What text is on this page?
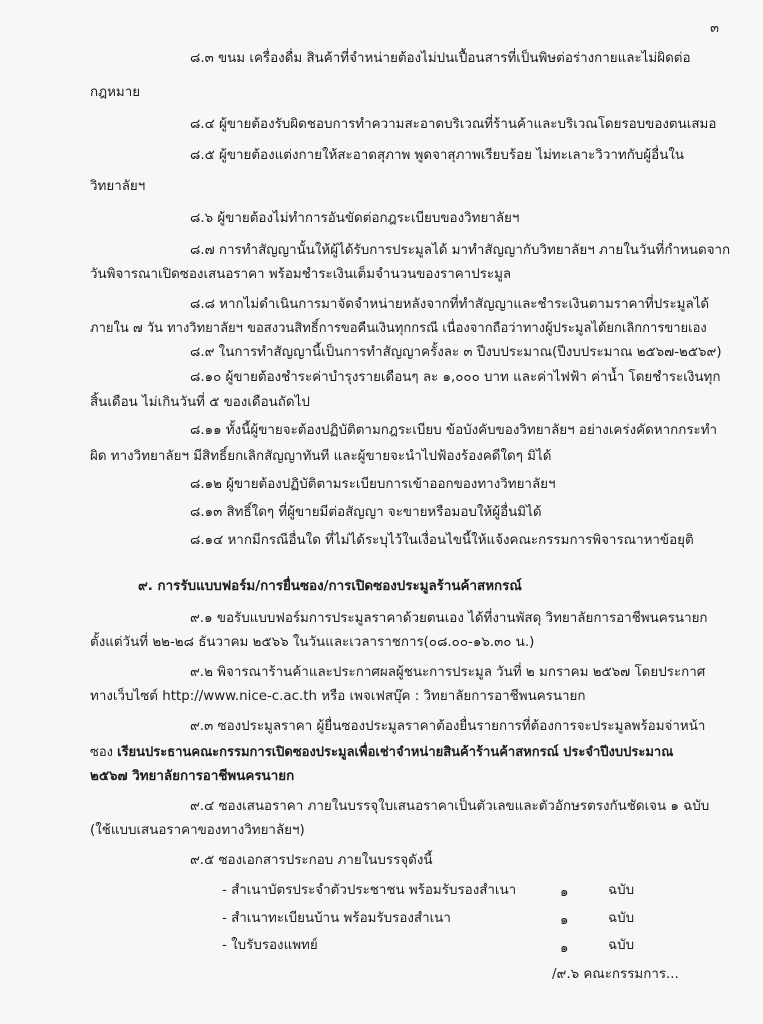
๓
๘.๓ ขนม เครื่องดื่ม สินค้าที่จำหน่ายต้องไม่ปนเปื้อนสารที่เป็นพิษต่อร่างกายและไม่ผิดต่อ
กฎหมาย
๘.๔ ผู้ขายต้องรับผิดชอบการทำความสะอาดบริเวณที่ร้านค้าและบริเวณโดยรอบของตนเสมอ
๘.๕ ผู้ขายต้องแต่งกายให้สะอาดสุภาพ พูดจาสุภาพเรียบร้อย ไม่ทะเลาะวิวาทกับผู้อื่นใน
วิทยาลัยฯ
๘.๖ ผู้ขายต้องไม่ทำการอันขัดต่อกฎระเบียบของวิทยาลัยฯ
๘.๗ การทำสัญญานั้นให้ผู้ได้รับการประมูลได้ มาทำสัญญากับวิทยาลัยฯ ภายในวันที่กำหนดจาก
วันพิจารณาเปิดซองเสนอราคา พร้อมชำระเงินเต็มจำนวนของราคาประมูล
๘.๘ หากไม่ดำเนินการมาจัดจำหน่ายหลังจากที่ทำสัญญาและชำระเงินตามราคาที่ประมูลได้
ภายใน ๗ วัน ทางวิทยาลัยฯ ขอสงวนสิทธิ์การขอคืนเงินทุกกรณี เนื่องจากถือว่าทางผู้ประมูลได้ยกเลิกการขายเอง
๘.๙ ในการทำสัญญานี้เป็นการทำสัญญาครั้งละ ๓ ปีงบประมาณ(ปีงบประมาณ ๒๕๖๗-๒๕๖๙)
๘.๑๐ ผู้ขายต้องชำระค่าบำรุงรายเดือนๆ ละ ๑,๐๐๐ บาท และค่าไฟฟ้า ค่าน้ำ โดยชำระเงินทุก
สิ้นเดือน ไม่เกินวันที่ ๕ ของเดือนถัดไป
๘.๑๑ ทั้งนี้ผู้ขายจะต้องปฏิบัติตามกฎระเบียบ ข้อบังคับของวิทยาลัยฯ อย่างเคร่งคัดหากกระทำ
ผิด ทางวิทยาลัยฯ มีสิทธิ์ยกเลิกสัญญาทันที และผู้ขายจะนำไปฟ้องร้องคดีใดๆ มิได้
๘.๑๒ ผู้ขายต้องปฏิบัติตามระเบียบการเข้าออกของทางวิทยาลัยฯ
๘.๑๓ สิทธิ์ใดๆ ที่ผู้ขายมีต่อสัญญา จะขายหรือมอบให้ผู้อื่นมิได้
๘.๑๔ หากมีกรณีอื่นใด ที่ไม่ได้ระบุไว้ในเงื่อนไขนี้ให้แจ้งคณะกรรมการพิจารณาหาข้อยุติ
๙. การรับแบบฟอร์ม/การยื่นซอง/การเปิดซองประมูลร้านค้าสหกรณ์
๙.๑ ขอรับแบบฟอร์มการประมูลราคาด้วยตนเอง ได้ที่งานพัสดุ วิทยาลัยการอาชีพนครนายก
ตั้งแต่วันที่ ๒๒-๒๘ ธันวาคม ๒๕๖๖ ในวันและเวลาราชการ(๐๘.๐๐-๑๖.๓๐ น.)
๙.๒ พิจารณาร้านค้าและประกาศผลผู้ชนะการประมูล วันที่ ๒ มกราคม ๒๕๖๗ โดยประกาศ
ทางเว็บไซต์ http://www.nice-c.ac.th หรือ เพจเฟสบุ๊ค : วิทยาลัยการอาชีพนครนายก
๙.๓ ซองประมูลราคา ผู้ยื่นซองประมูลราคาต้องยื่นรายการที่ต้องการจะประมูลพร้อมจ่าหน้า
ซอง เรียนประธานคณะกรรมการเปิดซองประมูลเพื่อเช่าจำหน่ายสินค้าร้านค้าสหกรณ์ ประจำปีงบประมาณ
๒๕๖๗ วิทยาลัยการอาชีพนครนายก
๙.๔ ซองเสนอราคา ภายในบรรจุใบเสนอราคาเป็นตัวเลขและตัวอักษรตรงกันชัดเจน ๑ ฉบับ
(ใช้แบบเสนอราคาของทางวิทยาลัยฯ)
๙.๕ ซองเอกสารประกอบ ภายในบรรจุดังนี้
- สำเนาบัตรประจำตัวประชาชน พร้อมรับรองสำเนา	๑	ฉบับ
- สำเนาทะเบียนบ้าน พร้อมรับรองสำเนา	๑	ฉบับ
- ใบรับรองแพทย์	๑	ฉบับ
/๙.๖ คณะกรรมการ...
